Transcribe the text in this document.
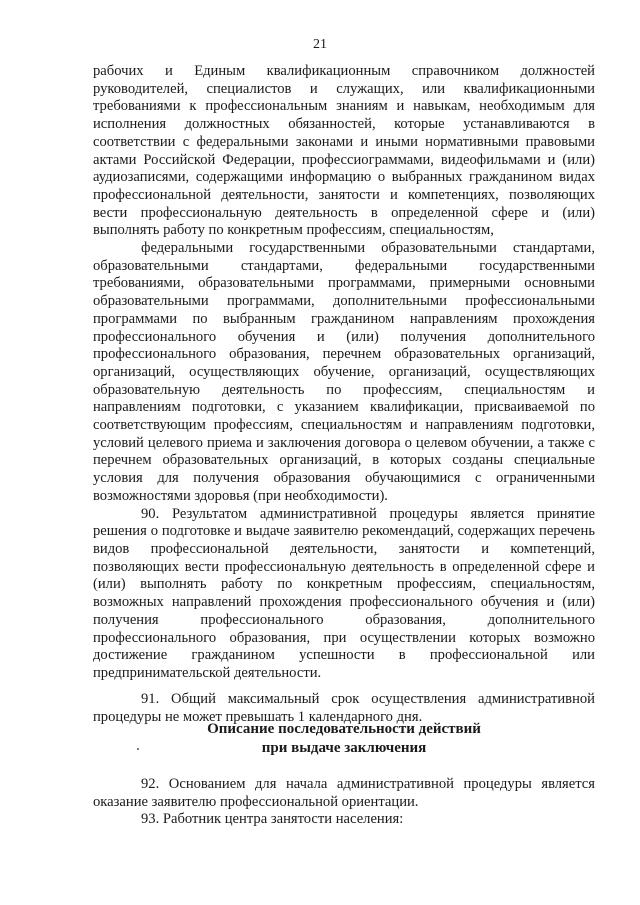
21

рабочих и Единым квалификационным справочником должностей руководителей, специалистов и служащих, или квалификационными требованиями к профессиональным знаниям и навыкам, необходимым для исполнения должностных обязанностей, которые устанавливаются в соответствии с федеральными законами и иными нормативными правовыми актами Российской Федерации, профессиограммами, видеофильмами и (или) аудиозаписями, содержащими информацию о выбранных гражданином видах профессиональной деятельности, занятости и компетенциях, позволяющих вести профессиональную деятельность в определенной сфере и (или) выполнять работу по конкретным профессиям, специальностям,

федеральными государственными образовательными стандартами, образовательными стандартами, федеральными государственными требованиями, образовательными программами, примерными основными образовательными программами, дополнительными профессиональными программами по выбранным гражданином направлениям прохождения профессионального обучения и (или) получения дополнительного профессионального образования, перечнем образовательных организаций, организаций, осуществляющих обучение, организаций, осуществляющих образовательную деятельность по профессиям, специальностям и направлениям подготовки, с указанием квалификации, присваиваемой по соответствующим профессиям, специальностям и направлениям подготовки, условий целевого приема и заключения договора о целевом обучении, а также с перечнем образовательных организаций, в которых созданы специальные условия для получения образования обучающимися с ограниченными возможностями здоровья (при необходимости).

90. Результатом административной процедуры является принятие решения о подготовке и выдаче заявителю рекомендаций, содержащих перечень видов профессиональной деятельности, занятости и компетенций, позволяющих вести профессиональную деятельность в определенной сфере и (или) выполнять работу по конкретным профессиям, специальностям, возможных направлений прохождения профессионального обучения и (или) получения профессионального образования, дополнительного профессионального образования, при осуществлении которых возможно достижение гражданином успешности в профессиональной или предпринимательской деятельности.

91. Общий максимальный срок осуществления административной процедуры не может превышать 1 календарного дня.

Описание последовательности действий
при выдаче заключения

92. Основанием для начала административной процедуры является оказание заявителю профессиональной ориентации.

93. Работник центра занятости населения:
